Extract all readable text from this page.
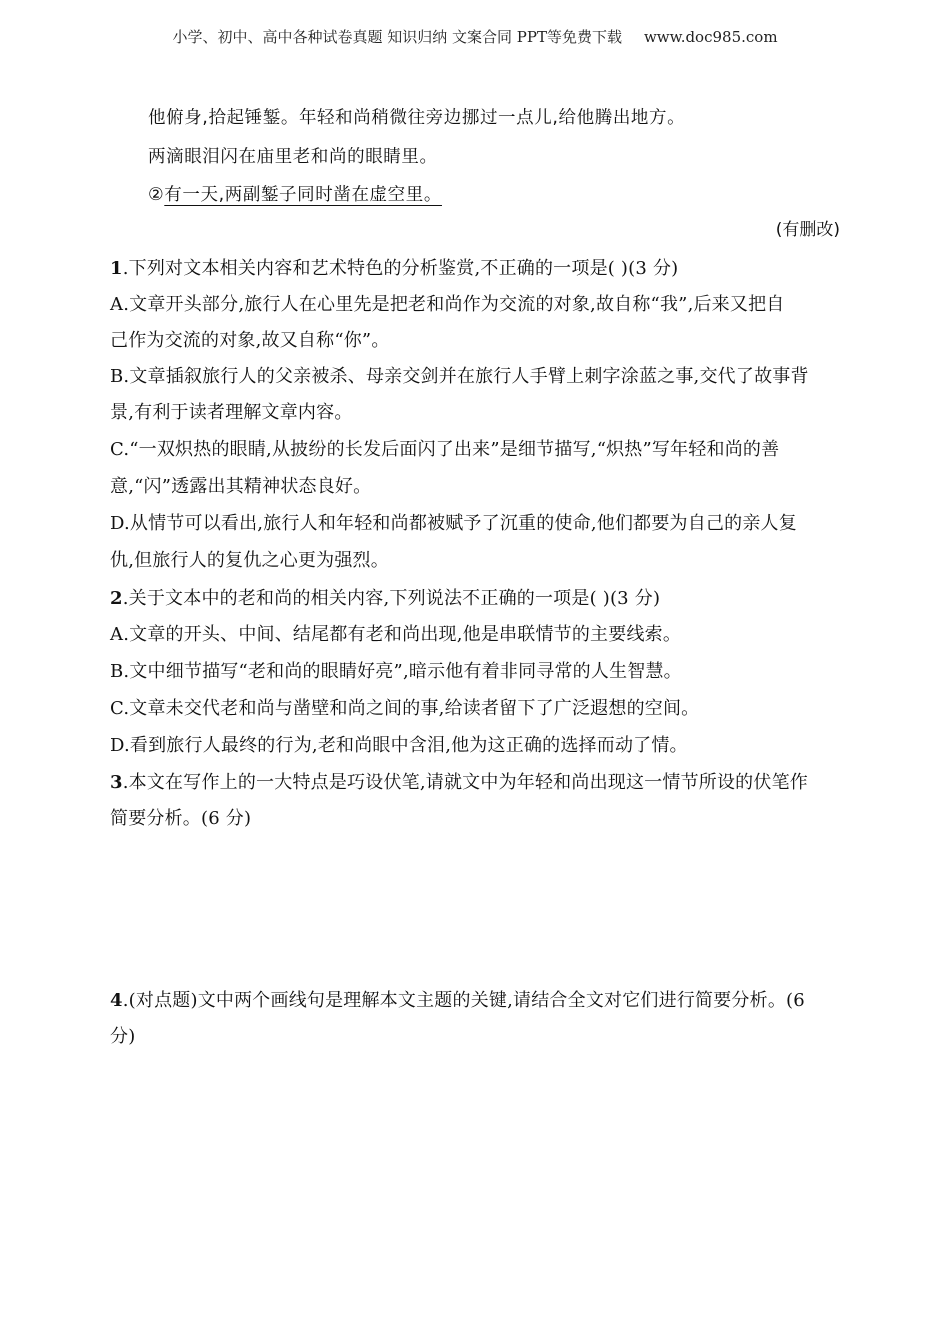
小学、初中、高中各种试卷真题 知识归纳 文案合同 PPT等免费下载 www.doc985.com
他俯身,拾起锤錾。年轻和尚稍微往旁边挪过一点儿,给他腾出地方。
两滴眼泪闪在庙里老和尚的眼睛里。
②有一天,两副錾子同时凿在虚空里。
(有删改)
1.下列对文本相关内容和艺术特色的分析鉴赏,不正确的一项是( )(3 分)
A.文章开头部分,旅行人在心里先是把老和尚作为交流的对象,故自称“我”,后来又把自
己作为交流的对象,故又自称“你”。
B.文章插叙旅行人的父亲被杀、母亲交剑并在旅行人手臂上刺字涂蓝之事,交代了故事背
景,有利于读者理解文章内容。
C.“一双炽热的眼睛,从披纷的长发后面闪了出来”是细节描写,“炽热”写年轻和尚的善
意,“闪”透露出其精神状态良好。
D.从情节可以看出,旅行人和年轻和尚都被赋予了沉重的使命,他们都要为自己的亲人复
仇,但旅行人的复仇之心更为强烈。
2.关于文本中的老和尚的相关内容,下列说法不正确的一项是( )(3 分)
A.文章的开头、中间、结尾都有老和尚出现,他是串联情节的主要线索。
B.文中细节描写“老和尚的眼睛好亮”,暗示他有着非同寻常的人生智慧。
C.文章未交代老和尚与凿壁和尚之间的事,给读者留下了广泛遐想的空间。
D.看到旅行人最终的行为,老和尚眼中含泪,他为这正确的选择而动了情。
3.本文在写作上的一大特点是巧设伏笔,请就文中为年轻和尚出现这一情节所设的伏笔作
简要分析。(6 分)
4.(对点题)文中两个画线句是理解本文主题的关键,请结合全文对它们进行简要分析。(6
分)
